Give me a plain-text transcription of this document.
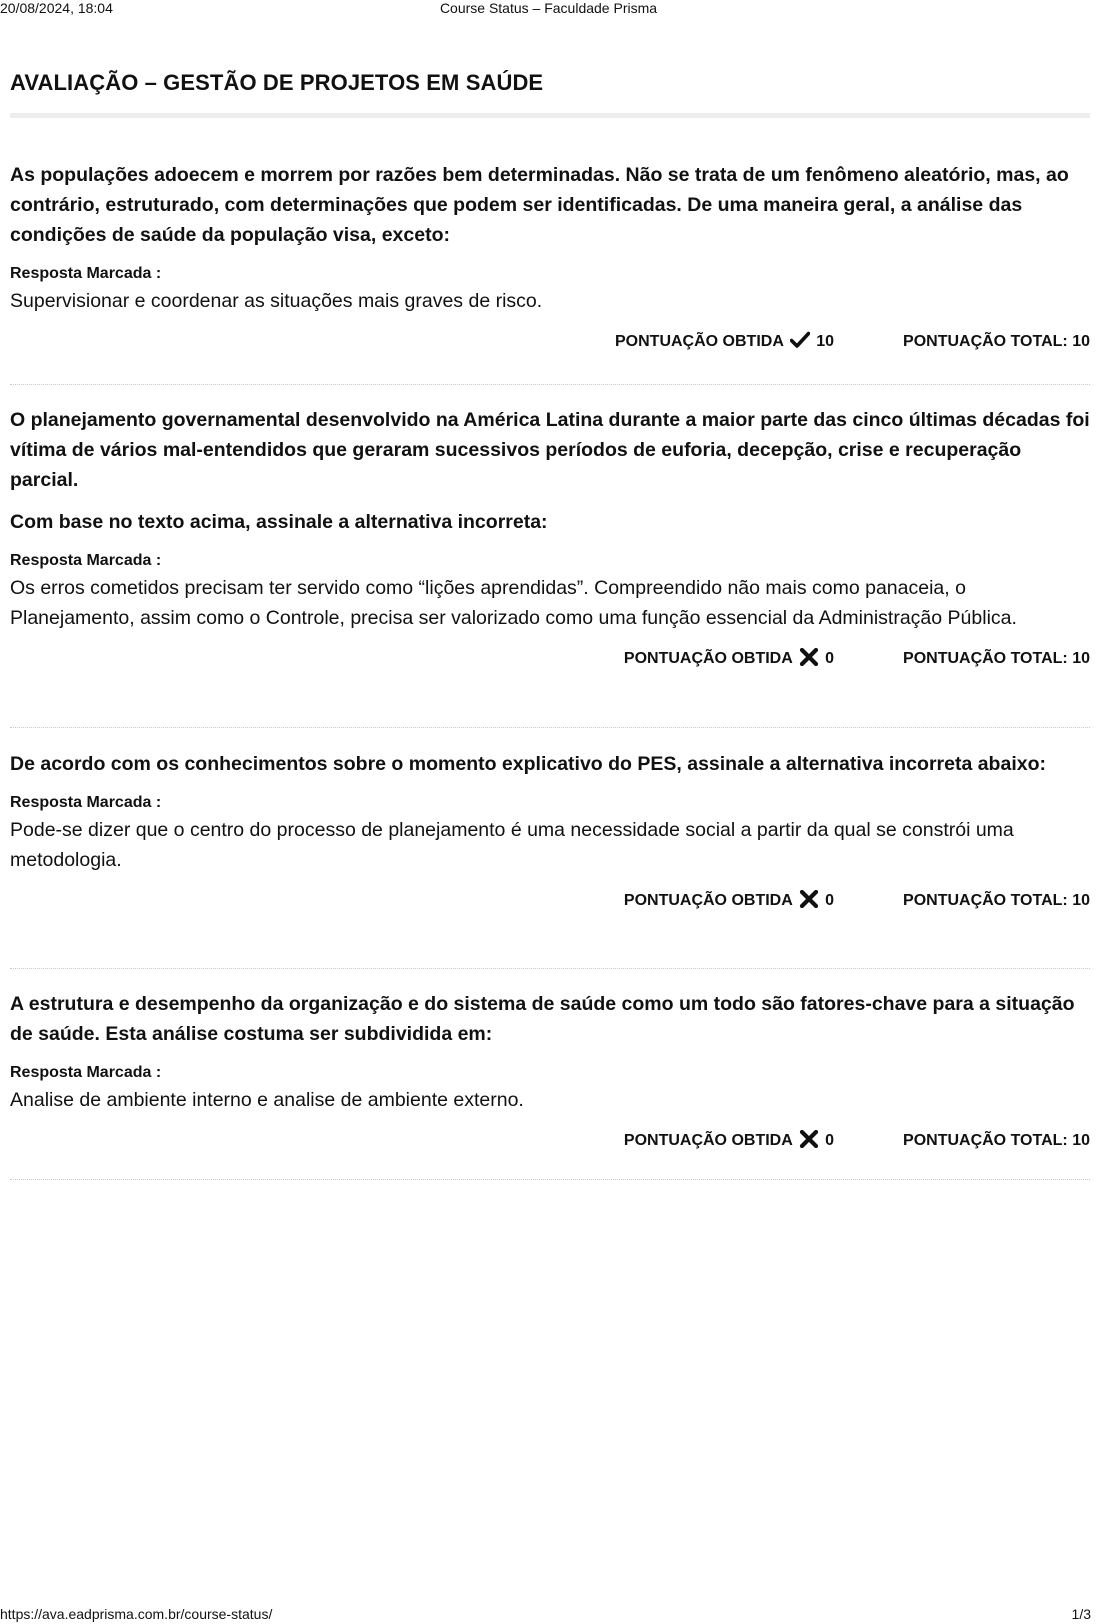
20/08/2024, 18:04	Course Status – Faculdade Prisma
AVALIAÇÃO – GESTÃO DE PROJETOS EM SAÚDE

As populações adoecem e morrem por razões bem determinadas. Não se trata de um fenômeno aleatório, mas, ao contrário, estruturado, com determinações que podem ser identificadas. De uma maneira geral, a análise das condições de saúde da população visa, exceto:

Resposta Marcada :

Supervisionar e coordenar as situações mais graves de risco.

PONTUAÇÃO OBTIDA 10	PONTUAÇÃO TOTAL: 10

O planejamento governamental desenvolvido na América Latina durante a maior parte das cinco últimas décadas foi vítima de vários mal-entendidos que geraram sucessivos períodos de euforia, decepção, crise e recuperação parcial.

Com base no texto acima, assinale a alternativa incorreta:

Resposta Marcada :

Os erros cometidos precisam ter servido como “lições aprendidas”. Compreendido não mais como panaceia, o Planejamento, assim como o Controle, precisa ser valorizado como uma função essencial da Administração Pública.

PONTUAÇÃO OBTIDA 0	PONTUAÇÃO TOTAL: 10

De acordo com os conhecimentos sobre o momento explicativo do PES, assinale a alternativa incorreta abaixo:

Resposta Marcada :

Pode-se dizer que o centro do processo de planejamento é uma necessidade social a partir da qual se constrói uma metodologia.

PONTUAÇÃO OBTIDA 0	PONTUAÇÃO TOTAL: 10

A estrutura e desempenho da organização e do sistema de saúde como um todo são fatores-chave para a situação de saúde. Esta análise costuma ser subdividida em:

Resposta Marcada :

Analise de ambiente interno e analise de ambiente externo.

PONTUAÇÃO OBTIDA 0	PONTUAÇÃO TOTAL: 10
https://ava.eadprisma.com.br/course-status/	1/3
